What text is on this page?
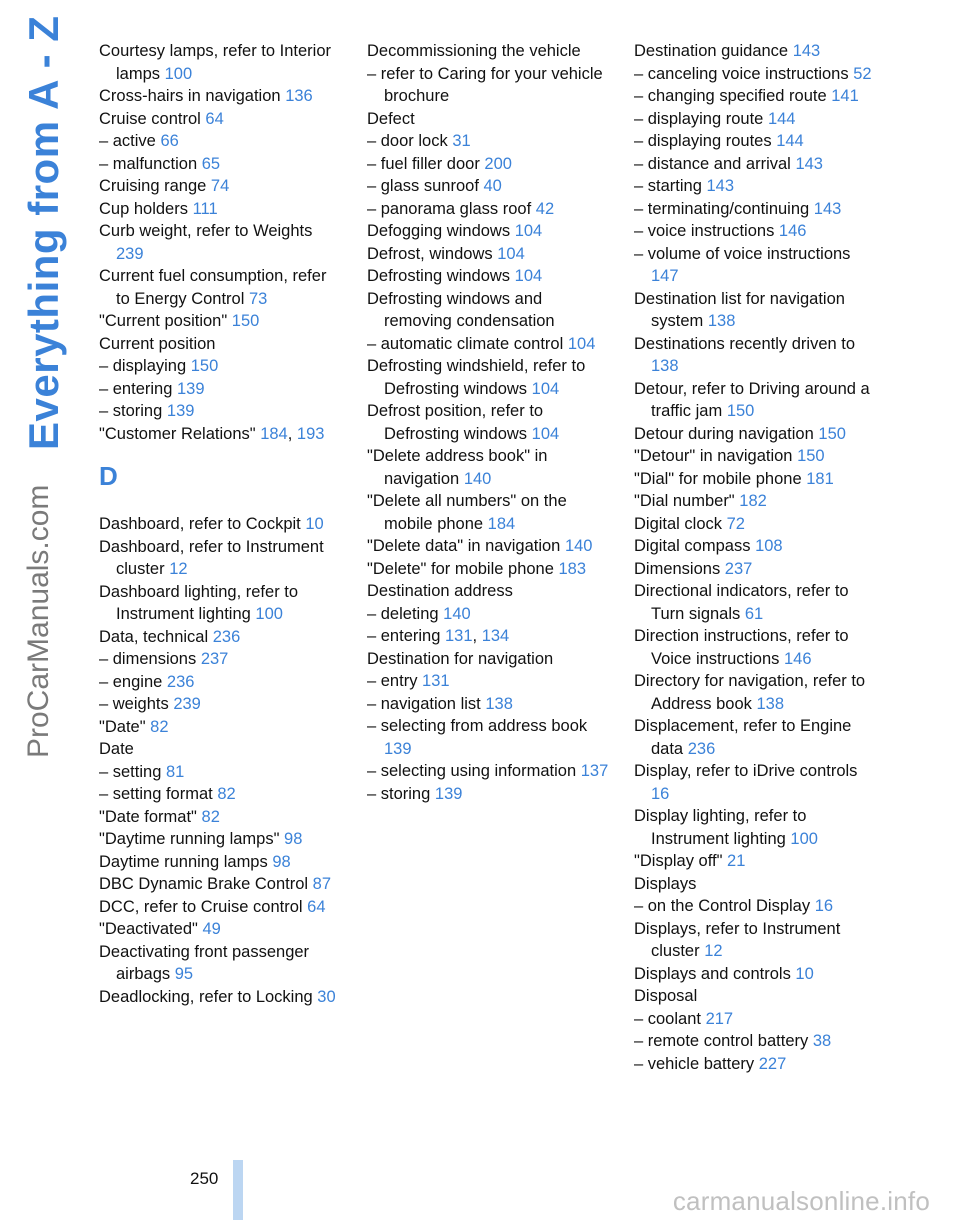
Everything from A - Z
ProCarManuals.com
Courtesy lamps, refer to Interior lamps 100
Cross-hairs in navigation 136
Cruise control 64
– active 66
– malfunction 65
Cruising range 74
Cup holders 111
Curb weight, refer to Weights 239
Current fuel consumption, refer to Energy Control 73
"Current position" 150
Current position
– displaying 150
– entering 139
– storing 139
"Customer Relations" 184, 193
D
Dashboard, refer to Cockpit 10
Dashboard, refer to Instrument cluster 12
Dashboard lighting, refer to Instrument lighting 100
Data, technical 236
– dimensions 237
– engine 236
– weights 239
"Date" 82
Date
– setting 81
– setting format 82
"Date format" 82
"Daytime running lamps" 98
Daytime running lamps 98
DBC Dynamic Brake Control 87
DCC, refer to Cruise control 64
"Deactivated" 49
Deactivating front passenger airbags 95
Deadlocking, refer to Locking 30
Decommissioning the vehicle
– refer to Caring for your vehicle brochure
Defect
– door lock 31
– fuel filler door 200
– glass sunroof 40
– panorama glass roof 42
Defogging windows 104
Defrost, windows 104
Defrosting windows 104
Defrosting windows and removing condensation
– automatic climate control 104
Defrosting windshield, refer to Defrosting windows 104
Defrost position, refer to Defrosting windows 104
"Delete address book" in navigation 140
"Delete all numbers" on the mobile phone 184
"Delete data" in navigation 140
"Delete" for mobile phone 183
Destination address
– deleting 140
– entering 131, 134
Destination for navigation
– entry 131
– navigation list 138
– selecting from address book 139
– selecting using information 137
– storing 139
Destination guidance 143
– canceling voice instructions 52
– changing specified route 141
– displaying route 144
– displaying routes 144
– distance and arrival 143
– starting 143
– terminating/continuing 143
– voice instructions 146
– volume of voice instructions 147
Destination list for navigation system 138
Destinations recently driven to 138
Detour, refer to Driving around a traffic jam 150
Detour during navigation 150
"Detour" in navigation 150
"Dial" for mobile phone 181
"Dial number" 182
Digital clock 72
Digital compass 108
Dimensions 237
Directional indicators, refer to Turn signals 61
Direction instructions, refer to Voice instructions 146
Directory for navigation, refer to Address book 138
Displacement, refer to Engine data 236
Display, refer to iDrive controls 16
Display lighting, refer to Instrument lighting 100
"Display off" 21
Displays
– on the Control Display 16
Displays, refer to Instrument cluster 12
Displays and controls 10
Disposal
– coolant 217
– remote control battery 38
– vehicle battery 227
250
carmanualsonline.info
